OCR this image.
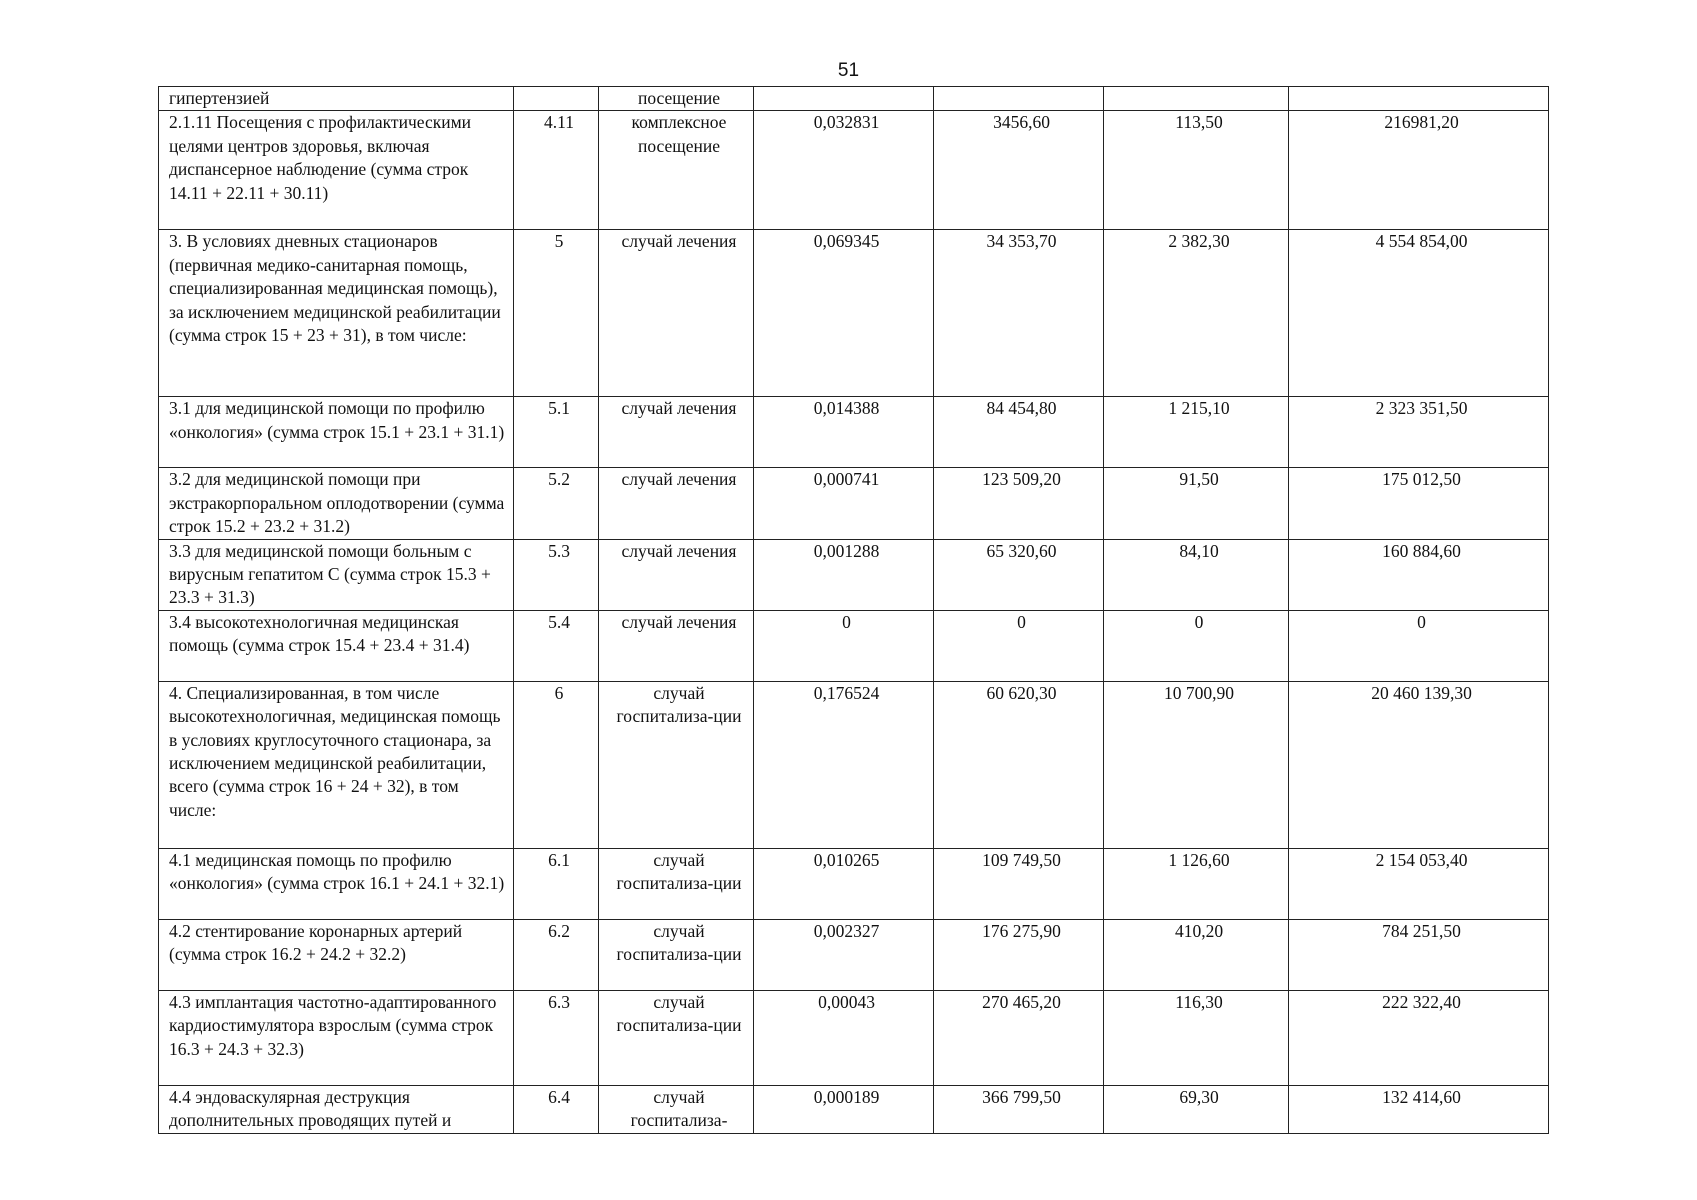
51
гипертензией		посещение				
2.1.11 Посещения с профилактическими целями центров здоровья, включая диспансерное наблюдение (сумма строк 14.11 + 22.11 + 30.11)	4.11	комплексное посещение	0,032831	3456,60	113,50	216981,20
3. В условиях дневных стационаров (первичная медико-санитарная помощь, специализированная медицинская помощь), за исключением медицинской реабилитации (сумма строк 15 + 23 + 31), в том числе:	5	случай лечения	0,069345	34 353,70	2 382,30	4 554 854,00
3.1 для медицинской помощи по профилю «онкология» (сумма строк 15.1 + 23.1 + 31.1)	5.1	случай лечения	0,014388	84 454,80	1 215,10	2 323 351,50
3.2 для медицинской помощи при экстракорпоральном оплодотворении (сумма строк 15.2 + 23.2 + 31.2)	5.2	случай лечения	0,000741	123 509,20	91,50	175 012,50
3.3 для медицинской помощи больным с вирусным гепатитом С (сумма строк 15.3 + 23.3 + 31.3)	5.3	случай лечения	0,001288	65 320,60	84,10	160 884,60
3.4 высокотехнологичная медицинская помощь (сумма строк 15.4 + 23.4 + 31.4)	5.4	случай лечения	0	0	0	0
4. Специализированная, в том числе высокотехнологичная, медицинская помощь в условиях круглосуточного стационара, за исключением медицинской реабилитации, всего (сумма строк 16 + 24 + 32), в том числе:	6	случай госпитализа-ции	0,176524	60 620,30	10 700,90	20 460 139,30
4.1 медицинская помощь по профилю «онкология» (сумма строк 16.1 + 24.1 + 32.1)	6.1	случай госпитализа-ции	0,010265	109 749,50	1 126,60	2 154 053,40
4.2 стентирование коронарных артерий (сумма строк 16.2 + 24.2 + 32.2)	6.2	случай госпитализа-ции	0,002327	176 275,90	410,20	784 251,50
4.3 имплантация частотно-адаптированного кардиостимулятора взрослым (сумма строк 16.3 + 24.3 + 32.3)	6.3	случай госпитализа-ции	0,00043	270 465,20	116,30	222 322,40
4.4 эндоваскулярная деструкция дополнительных проводящих путей и	6.4	случай госпитализа-	0,000189	366 799,50	69,30	132 414,60
